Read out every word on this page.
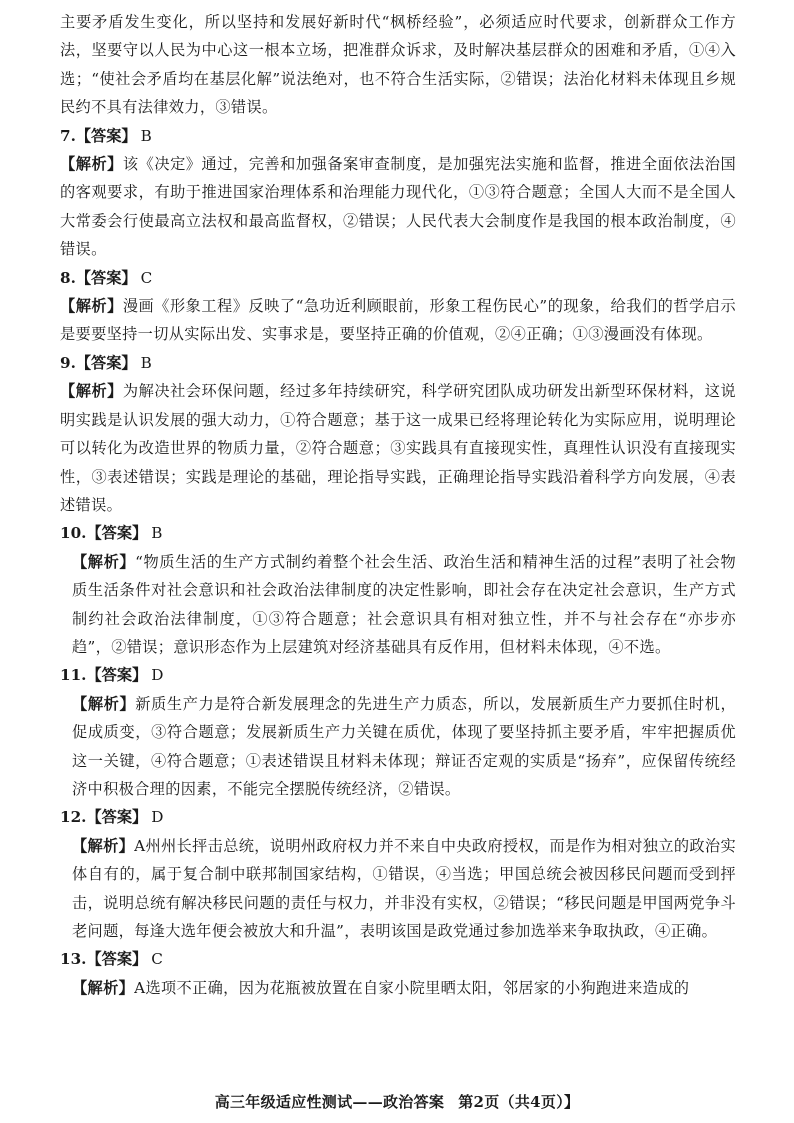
主要矛盾发生变化，所以坚持和发展好新时代“枫桥经验”，必须适应时代要求，创新群众工作方法，坚要守以人民为中心这一根本立场，把准群众诉求，及时解决基层群众的困难和矛盾，①④入选；“使社会矛盾均在基层化解”说法绝对，也不符合生活实际，②错误；法治化材料未体现且乡规民约不具有法律效力，③错误。

7.【答案】 B

【解析】该《决定》通过，完善和加强备案审查制度，是加强宪法实施和监督，推进全面依法治国的客观要求，有助于推进国家治理体系和治理能力现代化，①③符合题意；全国人大而不是全国人大常委会行使最高立法权和最高监督权，②错误；人民代表大会制度作是我国的根本政治制度，④错误。

8.【答案】 C

【解析】漫画《形象工程》反映了“急功近利顾眼前，形象工程伤民心”的现象，给我们的哲学启示是要要坚持一切从实际出发、实事求是，要坚持正确的价值观，②④正确；①③漫画没有体现。

9.【答案】 B

【解析】为解决社会环保问题，经过多年持续研究，科学研究团队成功研发出新型环保材料，这说明实践是认识发展的强大动力，①符合题意；基于这一成果已经将理论转化为实际应用，说明理论可以转化为改造世界的物质力量，②符合题意；③实践具有直接现实性，真理性认识没有直接现实性，③表述错误；实践是理论的基础，理论指导实践，正确理论指导实践沿着科学方向发展，④表述错误。

10.【答案】 B

【解析】“物质生活的生产方式制约着整个社会生活、政治生活和精神生活的过程”表明了社会物质生活条件对社会意识和社会政治法律制度的决定性影响，即社会存在决定社会意识，生产方式制约社会政治法律制度，①③符合题意；社会意识具有相对独立性，并不与社会存在“亦步亦趋”，②错误；意识形态作为上层建筑对经济基础具有反作用，但材料未体现，④不选。

11.【答案】 D

【解析】新质生产力是符合新发展理念的先进生产力质态，所以，发展新质生产力要抓住时机，促成质变，③符合题意；发展新质生产力关键在质优，体现了要坚持抓主要矛盾，牢牢把握质优这一关键，④符合题意；①表述错误且材料未体现；辩证否定观的实质是“扬弃”，应保留传统经济中积极合理的因素，不能完全摆脱传统经济，②错误。

12.【答案】 D

【解析】A州州长抨击总统，说明州政府权力并不来自中央政府授权，而是作为相对独立的政治实体自有的，属于复合制中联邦制国家结构，①错误，④当选；甲国总统会被因移民问题而受到抨击，说明总统有解决移民问题的责任与权力，并非没有实权，②错误；“移民问题是甲国两党争斗老问题，每逢大选年便会被放大和升温”，表明该国是政党通过参加选举来争取执政，④正确。

13.【答案】 C

【解析】A选项不正确，因为花瓶被放置在自家小院里晒太阳，邻居家的小狗跑进来造成的

高三年级适应性测试——政治答案 第2页（共4页）】
